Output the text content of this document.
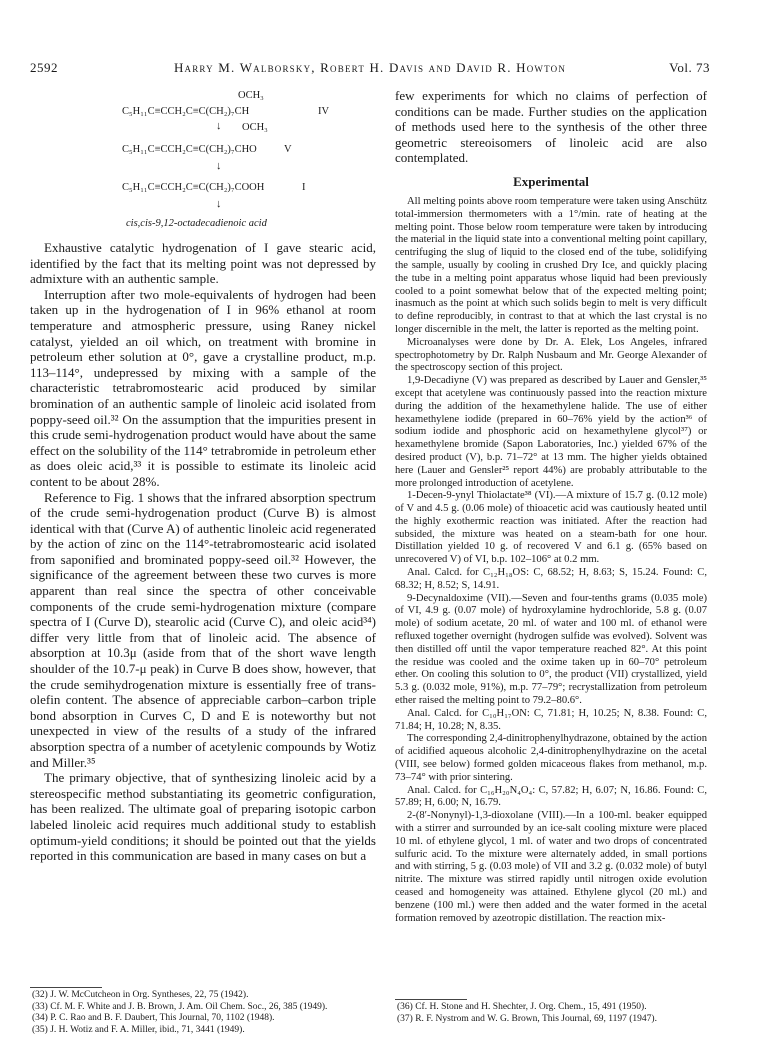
2592	Harry M. Walborsky, Robert H. Davis and David R. Howton	Vol. 73
OCH₃
C₅H₁₁C≡CCH₂C≡C(CH₂)₇CH
OCH₃
IV
↓
C₅H₁₁C≡CCH₂C≡C(CH₂)₇CHO	V
↓
C₅H₁₁C≡CCH₂C≡C(CH₂)₇COOH	I
↓
cis,cis-9,12-octadecadienoic acid

Exhaustive catalytic hydrogenation of I gave stearic acid, identified by the fact that its melting point was not depressed by admixture with an authentic sample.

Interruption after two mole-equivalents of hydrogen had been taken up in the hydrogenation of I in 96% ethanol at room temperature and atmospheric pressure, using Raney nickel catalyst, yielded an oil which, on treatment with bromine in petroleum ether solution at 0°, gave a crystalline product, m.p. 113–114°, undepressed by mixing with a sample of the characteristic tetrabromostearic acid produced by similar bromination of an authentic sample of linoleic acid isolated from poppy-seed oil.³² On the assumption that the impurities present in this crude semi-hydrogenation product would have about the same effect on the solubility of the 114° tetrabromide in petroleum ether as does oleic acid,³³ it is possible to estimate its linoleic acid content to be about 28%.

Reference to Fig. 1 shows that the infrared absorption spectrum of the crude semi-hydrogenation product (Curve B) is almost identical with that (Curve A) of authentic linoleic acid regenerated by the action of zinc on the 114°-tetrabromostearic acid isolated from saponified and brominated poppy-seed oil.³² However, the significance of the agreement between these two curves is more apparent than real since the spectra of other conceivable components of the crude semi-hydrogenation mixture (compare spectra of I (Curve D), stearolic acid (Curve C), and oleic acid³⁴) differ very little from that of linoleic acid. The absence of absorption at 10.3μ (aside from that of the short wave length shoulder of the 10.7-μ peak) in Curve B does show, however, that the crude semihydrogenation mixture is essentially free of trans-olefin content. The absence of appreciable carbon–carbon triple bond absorption in Curves C, D and E is noteworthy but not unexpected in view of the results of a study of the infrared absorption spectra of a number of acetylenic compounds by Wotiz and Miller.³⁵

The primary objective, that of synthesizing linoleic acid by a stereospecific method substantiating its geometric configuration, has been realized. The ultimate goal of preparing isotopic carbon labeled linoleic acid requires much additional study to establish optimum-yield conditions; it should be pointed out that the yields reported in this communication are based in many cases on but a

(32) J. W. McCutcheon in Org. Syntheses, 22, 75 (1942).

(33) Cf. M. F. White and J. B. Brown, J. Am. Oil Chem. Soc., 26, 385 (1949).

(34) P. C. Rao and B. F. Daubert, This Journal, 70, 1102 (1948).

(35) J. H. Wotiz and F. A. Miller, ibid., 71, 3441 (1949).

few experiments for which no claims of perfection of conditions can be made. Further studies on the application of methods used here to the synthesis of the other three geometric stereoisomers of linoleic acid are also contemplated.

Experimental

All melting points above room temperature were taken using Anschütz total-immersion thermometers with a 1°/min. rate of heating at the melting point. Those below room temperature were taken by introducing the material in the liquid state into a conventional melting point capillary, centrifuging the slug of liquid to the closed end of the tube, solidifying the sample, usually by cooling in crushed Dry Ice, and quickly placing the tube in a melting point apparatus whose liquid had been previously cooled to a point somewhat below that of the expected melting point; inasmuch as the point at which such solids begin to melt is very difficult to define reproducibly, in contrast to that at which the last crystal is no longer discernible in the melt, the latter is reported as the melting point.

Microanalyses were done by Dr. A. Elek, Los Angeles, infrared spectrophotometry by Dr. Ralph Nusbaum and Mr. George Alexander of the spectroscopy section of this project.

1,9-Decadiyne (V) was prepared as described by Lauer and Gensler,³⁵ except that acetylene was continuously passed into the reaction mixture during the addition of the hexamethylene halide. The use of either hexamethylene iodide (prepared in 60–76% yield by the action³⁶ of sodium iodide and phosphoric acid on hexamethylene glycol³⁷) or hexamethylene bromide (Sapon Laboratories, Inc.) yielded 67% of the desired product (V), b.p. 71–72° at 13 mm. The higher yields obtained here (Lauer and Gensler²⁵ report 44%) are probably attributable to the more prolonged introduction of acetylene.

1-Decen-9-ynyl Thiolactate³⁸ (VI).—A mixture of 15.7 g. (0.12 mole) of V and 4.5 g. (0.06 mole) of thioacetic acid was cautiously heated until the highly exothermic reaction was initiated. After the reaction had subsided, the mixture was heated on a steam-bath for one hour. Distillation yielded 10 g. of recovered V and 6.1 g. (65% based on unrecovered V) of VI, b.p. 102–106° at 0.2 mm.

Anal. Calcd. for C₁₂H₁₈OS: C, 68.52; H, 8.63; S, 15.24. Found: C, 68.32; H, 8.52; S, 14.91.

9-Decynaldoxime (VII).—Seven and four-tenths grams (0.035 mole) of VI, 4.9 g. (0.07 mole) of hydroxylamine hydrochloride, 5.8 g. (0.07 mole) of sodium acetate, 20 ml. of water and 100 ml. of ethanol were refluxed together overnight (hydrogen sulfide was evolved). Solvent was then distilled off until the vapor temperature reached 82°. At this point the residue was cooled and the oxime taken up in 60–70° petroleum ether. On cooling this solution to 0°, the product (VII) crystallized, yield 5.3 g. (0.032 mole, 91%), m.p. 77–79°; recrystallization from petroleum ether raised the melting point to 79.2–80.6°.

Anal. Calcd. for C₁₀H₁₇ON: C, 71.81; H, 10.25; N, 8.38. Found: C, 71.84; H, 10.28; N, 8.35.

The corresponding 2,4-dinitrophenylhydrazone, obtained by the action of acidified aqueous alcoholic 2,4-dinitrophenylhydrazine on the acetal (VIII, see below) formed golden micaceous flakes from methanol, m.p. 73–74° with prior sintering.

Anal. Calcd. for C₁₆H₂₀N₄O₄: C, 57.82; H, 6.07; N, 16.86. Found: C, 57.89; H, 6.00; N, 16.79.

2-(8′-Nonynyl)-1,3-dioxolane (VIII).—In a 100-ml. beaker equipped with a stirrer and surrounded by an ice-salt cooling mixture were placed 10 ml. of ethylene glycol, 1 ml. of water and two drops of concentrated sulfuric acid. To the mixture were alternately added, in small portions and with stirring, 5 g. (0.03 mole) of VII and 3.2 g. (0.032 mole) of butyl nitrite. The mixture was stirred rapidly until nitrogen oxide evolution ceased and homogeneity was attained. Ethylene glycol (20 ml.) and benzene (100 ml.) were then added and the water formed in the acetal formation removed by azeotropic distillation. The reaction mix-

(36) Cf. H. Stone and H. Shechter, J. Org. Chem., 15, 491 (1950).

(37) R. F. Nystrom and W. G. Brown, This Journal, 69, 1197 (1947).
